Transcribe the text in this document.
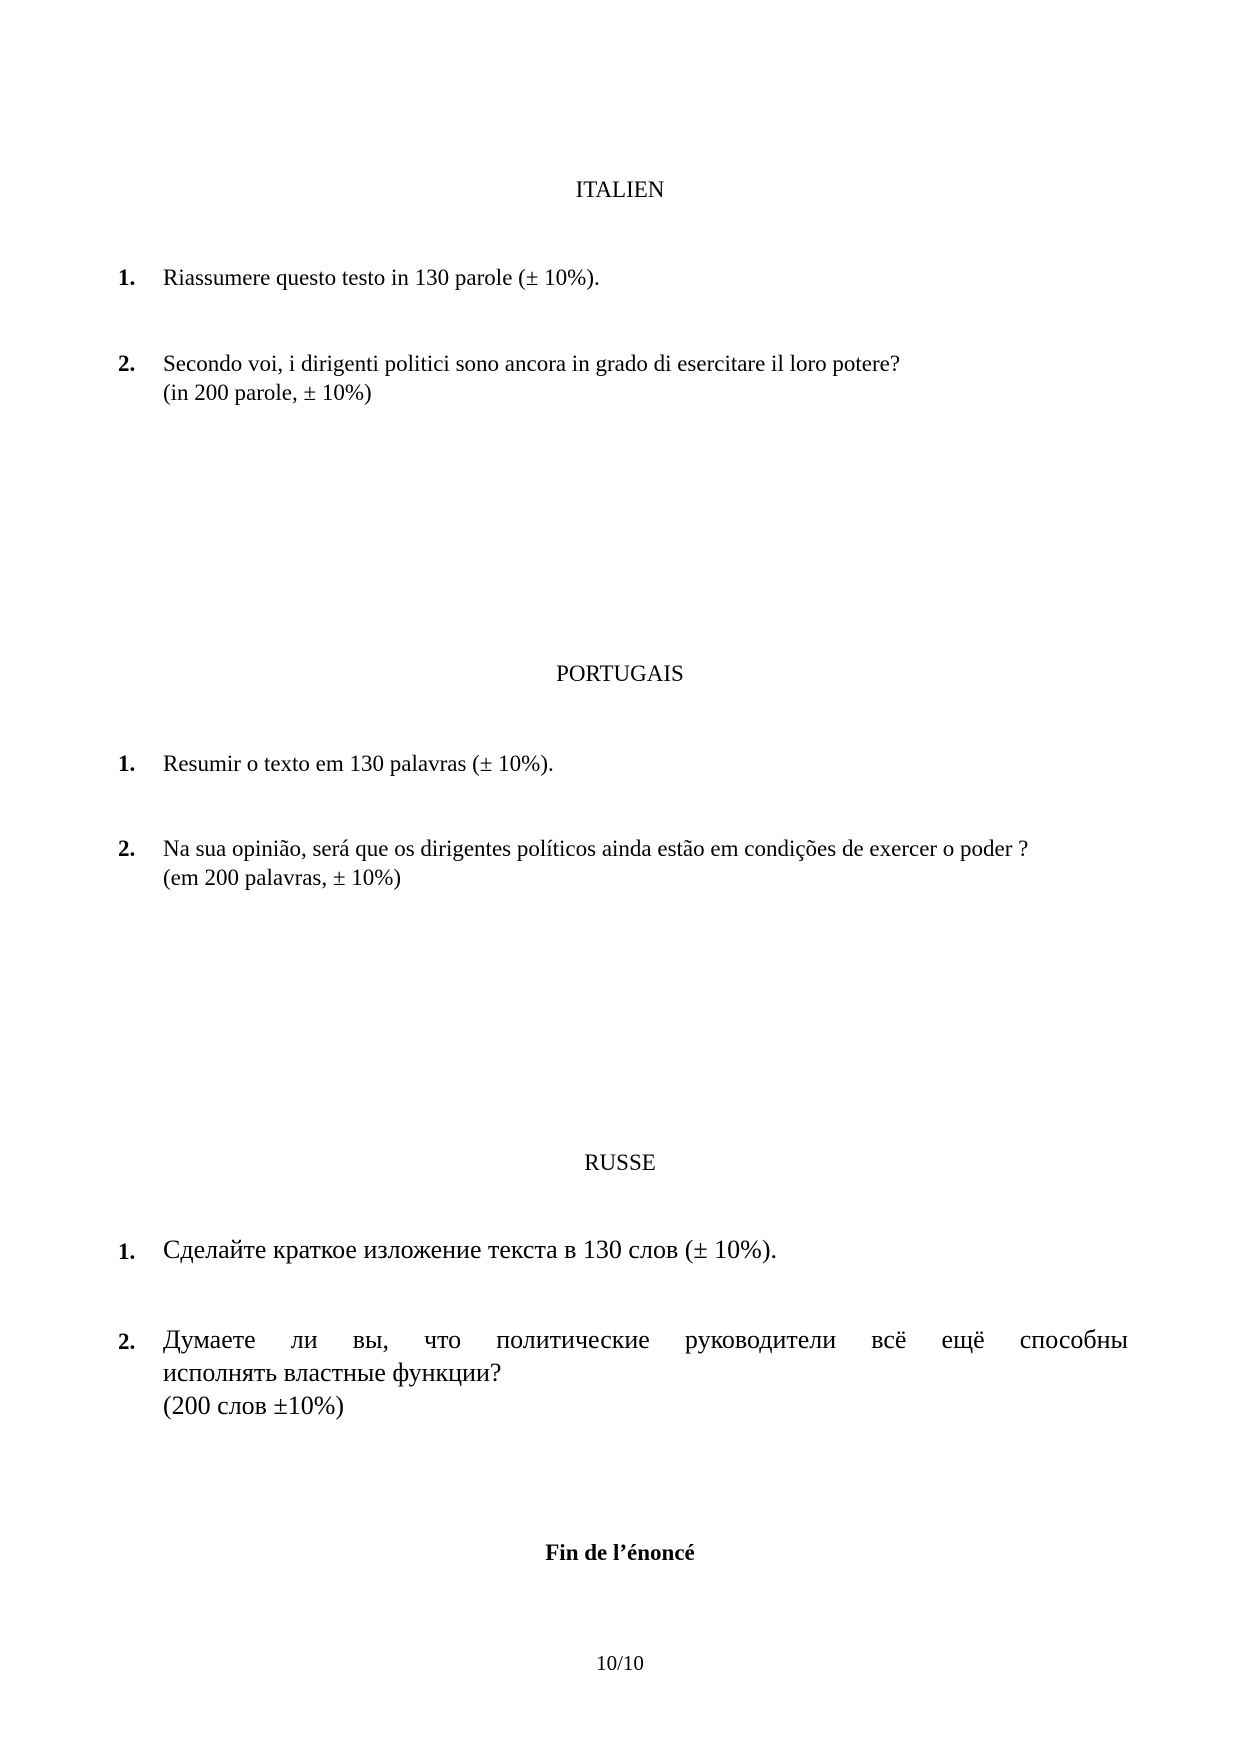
ITALIEN
1. Riassumere questo testo in 130 parole (± 10%).
2. Secondo voi, i dirigenti politici sono ancora in grado di esercitare il loro potere?
(in 200 parole, ± 10%)
PORTUGAIS
1. Resumir o texto em 130 palavras (± 10%).
2. Na sua opinião, será que os dirigentes políticos ainda estão em condições de exercer o poder ?
(em 200 palavras, ± 10%)
RUSSE
1. Сделайте краткое изложение текста в 130 слов (± 10%).
2. Думаете ли вы, что политические руководители всё ещё способны
исполнять властные функции?
(200 слов ±10%)
Fin de l’énoncé
10/10
